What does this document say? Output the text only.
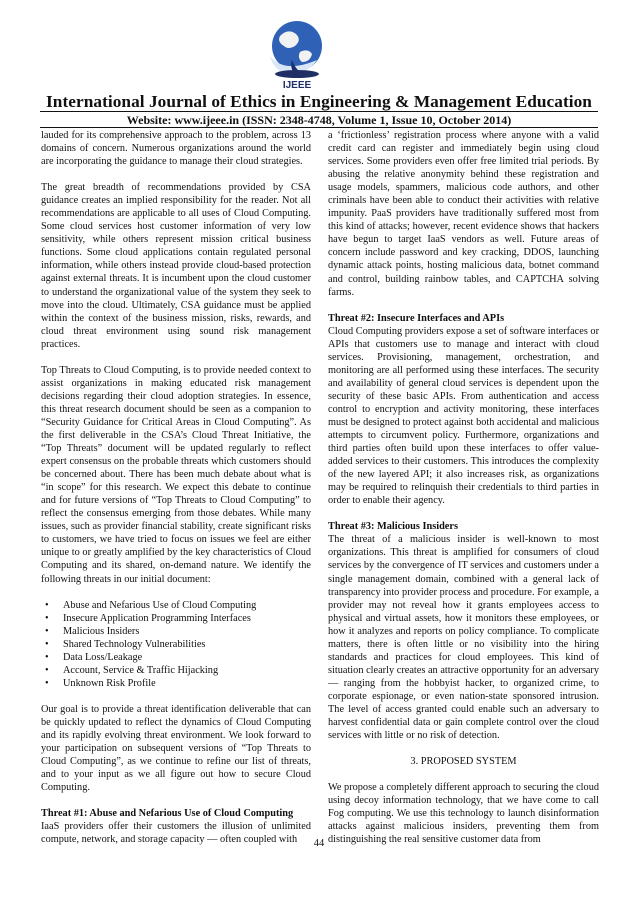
IJEEE
International Journal of Ethics in Engineering & Management Education
Website: www.ijeee.in (ISSN: 2348-4748, Volume 1, Issue 10, October 2014)

lauded for its comprehensive approach to the problem, across 13 domains of concern. Numerous organizations around the world are incorporating the guidance to manage their cloud strategies.

The great breadth of recommendations provided by CSA guidance creates an implied responsibility for the reader. Not all recommendations are applicable to all uses of Cloud Computing. Some cloud services host customer information of very low sensitivity, while others represent mission critical business functions. Some cloud applications contain regulated personal information, while others instead provide cloud-based protection against external threats. It is incumbent upon the cloud customer to understand the organizational value of the system they seek to move into the cloud. Ultimately, CSA guidance must be applied within the context of the business mission, risks, rewards, and cloud threat environment using sound risk management practices.

Top Threats to Cloud Computing, is to provide needed context to assist organizations in making educated risk management decisions regarding their cloud adoption strategies. In essence, this threat research document should be seen as a companion to “Security Guidance for Critical Areas in Cloud Computing”. As the first deliverable in the CSA’s Cloud Threat Initiative, the “Top Threats” document will be updated regularly to reflect expert consensus on the probable threats which customers should be concerned about. There has been much debate about what is “in scope” for this research. We expect this debate to continue and for future versions of “Top Threats to Cloud Computing” to reflect the consensus emerging from those debates. While many issues, such as provider financial stability, create significant risks to customers, we have tried to focus on issues we feel are either unique to or greatly amplified by the key characteristics of Cloud Computing and its shared, on-demand nature. We identify the following threats in our initial document:

• Abuse and Nefarious Use of Cloud Computing
• Insecure Application Programming Interfaces
• Malicious Insiders
• Shared Technology Vulnerabilities
• Data Loss/Leakage
• Account, Service & Traffic Hijacking
• Unknown Risk Profile

Our goal is to provide a threat identification deliverable that can be quickly updated to reflect the dynamics of Cloud Computing and its rapidly evolving threat environment. We look forward to your participation on subsequent versions of “Top Threats to Cloud Computing”, as we continue to refine our list of threats, and to your input as we all figure out how to secure Cloud Computing.

Threat #1: Abuse and Nefarious Use of Cloud Computing

IaaS providers offer their customers the illusion of unlimited compute, network, and storage capacity — often coupled with

a ‘frictionless’ registration process where anyone with a valid credit card can register and immediately begin using cloud services. Some providers even offer free limited trial periods. By abusing the relative anonymity behind these registration and usage models, spammers, malicious code authors, and other criminals have been able to conduct their activities with relative impunity. PaaS providers have traditionally suffered most from this kind of attacks; however, recent evidence shows that hackers have begun to target IaaS vendors as well. Future areas of concern include password and key cracking, DDOS, launching dynamic attack points, hosting malicious data, botnet command and control, building rainbow tables, and CAPTCHA solving farms.

Threat #2: Insecure Interfaces and APIs

Cloud Computing providers expose a set of software interfaces or APIs that customers use to manage and interact with cloud services. Provisioning, management, orchestration, and monitoring are all performed using these interfaces. The security and availability of general cloud services is dependent upon the security of these basic APIs. From authentication and access control to encryption and activity monitoring, these interfaces must be designed to protect against both accidental and malicious attempts to circumvent policy. Furthermore, organizations and third parties often build upon these interfaces to offer value-added services to their customers. This introduces the complexity of the new layered API; it also increases risk, as organizations may be required to relinquish their credentials to third parties in order to enable their agency.

Threat #3: Malicious Insiders

The threat of a malicious insider is well-known to most organizations. This threat is amplified for consumers of cloud services by the convergence of IT services and customers under a single management domain, combined with a general lack of transparency into provider process and procedure. For example, a provider may not reveal how it grants employees access to physical and virtual assets, how it monitors these employees, or how it analyzes and reports on policy compliance. To complicate matters, there is often little or no visibility into the hiring standards and practices for cloud employees. This kind of situation clearly creates an attractive opportunity for an adversary — ranging from the hobbyist hacker, to organized crime, to corporate espionage, or even nation-state sponsored intrusion. The level of access granted could enable such an adversary to harvest confidential data or gain complete control over the cloud services with little or no risk of detection.

3. PROPOSED SYSTEM

We propose a completely different approach to securing the cloud using decoy information technology, that we have come to call Fog computing. We use this technology to launch disinformation attacks against malicious insiders, preventing them from distinguishing the real sensitive customer data from

44
